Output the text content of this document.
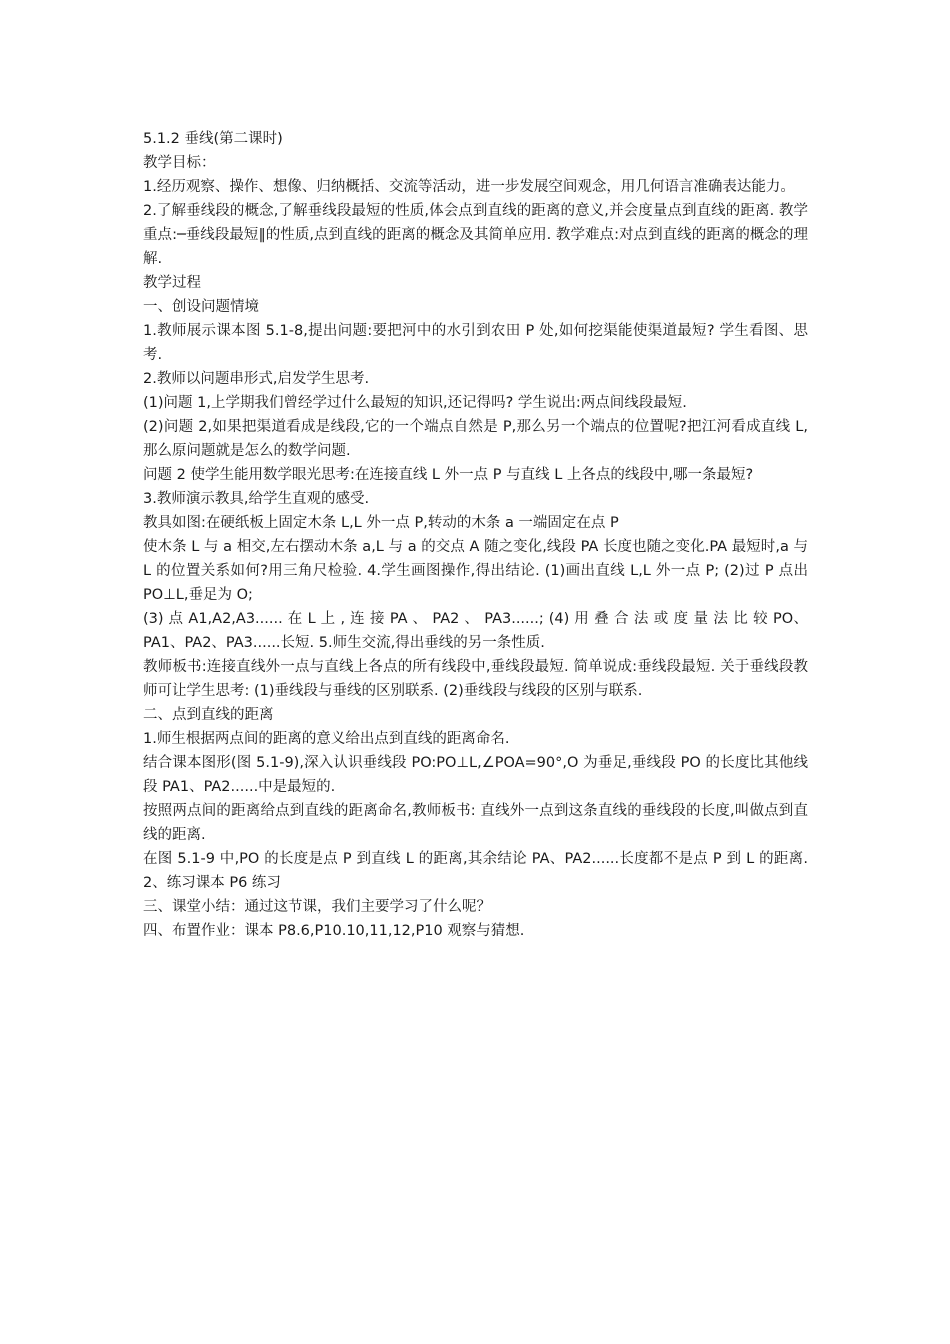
5.1.2 垂线(第二课时)

教学目标：

1.经历观察、操作、想像、归纳概括、交流等活动，进一步发展空间观念，用几何语言准确表达能力。

2.了解垂线段的概念,了解垂线段最短的性质,体会点到直线的距离的意义,并会度量点到直线的距离. 教学重点:─垂线段最短‖的性质,点到直线的距离的概念及其简单应用. 教学难点:对点到直线的距离的概念的理解.

教学过程

一、创设问题情境

1.教师展示课本图 5.1-8,提出问题:要把河中的水引到农田 P 处,如何挖渠能使渠道最短? 学生看图、思考.

2.教师以问题串形式,启发学生思考.

(1)问题 1,上学期我们曾经学过什么最短的知识,还记得吗? 学生说出:两点间线段最短.

(2)问题 2,如果把渠道看成是线段,它的一个端点自然是 P,那么另一个端点的位置呢?把江河看成直线 L,那么原问题就是怎么的数学问题.

问题 2 使学生能用数学眼光思考:在连接直线 L 外一点 P 与直线 L 上各点的线段中,哪一条最短?

3.教师演示教具,给学生直观的感受.

教具如图:在硬纸板上固定木条 L,L 外一点 P,转动的木条 a 一端固定在点 P

使木条 L 与 a 相交,左右摆动木条 a,L 与 a 的交点 A 随之变化,线段 PA 长度也随之变化.PA 最短时,a 与 L 的位置关系如何?用三角尺检验. 4.学生画图操作,得出结论. (1)画出直线 L,L 外一点 P; (2)过 P 点出 PO⊥L,垂足为 O;

(3) 点 A1,A2,A3...... 在 L 上 , 连 接 PA 、 PA2 、 PA3......; (4) 用 叠 合 法 或 度 量 法 比 较 PO、PA1、PA2、PA3......长短. 5.师生交流,得出垂线的另一条性质.

教师板书:连接直线外一点与直线上各点的所有线段中,垂线段最短. 简单说成:垂线段最短. 关于垂线段教师可让学生思考: (1)垂线段与垂线的区别联系. (2)垂线段与线段的区别与联系.

二、点到直线的距离

1.师生根据两点间的距离的意义给出点到直线的距离命名.

结合课本图形(图 5.1-9),深入认识垂线段 PO:PO⊥L,∠POA=90°,O 为垂足,垂线段 PO 的长度比其他线段 PA1、PA2......中是最短的.

按照两点间的距离给点到直线的距离命名,教师板书: 直线外一点到这条直线的垂线段的长度,叫做点到直线的距离.

在图 5.1-9 中,PO 的长度是点 P 到直线 L 的距离,其余结论 PA、PA2......长度都不是点 P 到 L 的距离. 2、练习课本 P6 练习

三、课堂小结：通过这节课，我们主要学习了什么呢？

四、布置作业：课本 P8.6,P10.10,11,12,P10 观察与猜想.
